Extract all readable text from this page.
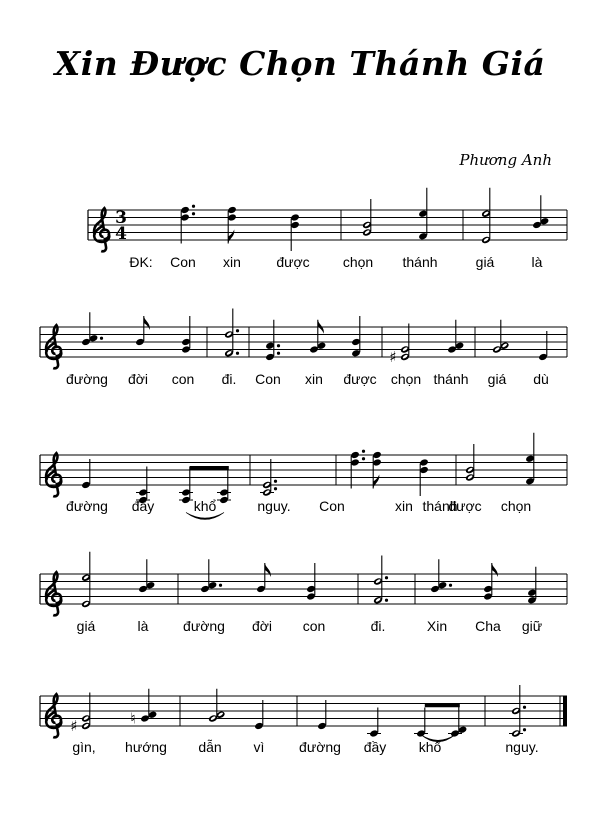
Xin Được Chọn Thánh Giá
Phương Anh
3
4
♯
♯	♮
ĐK: Con xin	được chọn thánh	giá	là
đường đời con đi. Con xin được chọn thánh giá dù
đường đầy	khổ	nguy. Con	xin	được chọn
thánh
giá	là đường đời con	đi.	Xin Cha giữ
gìn, hướng dẫn vì đường đầy khổ	nguy.
